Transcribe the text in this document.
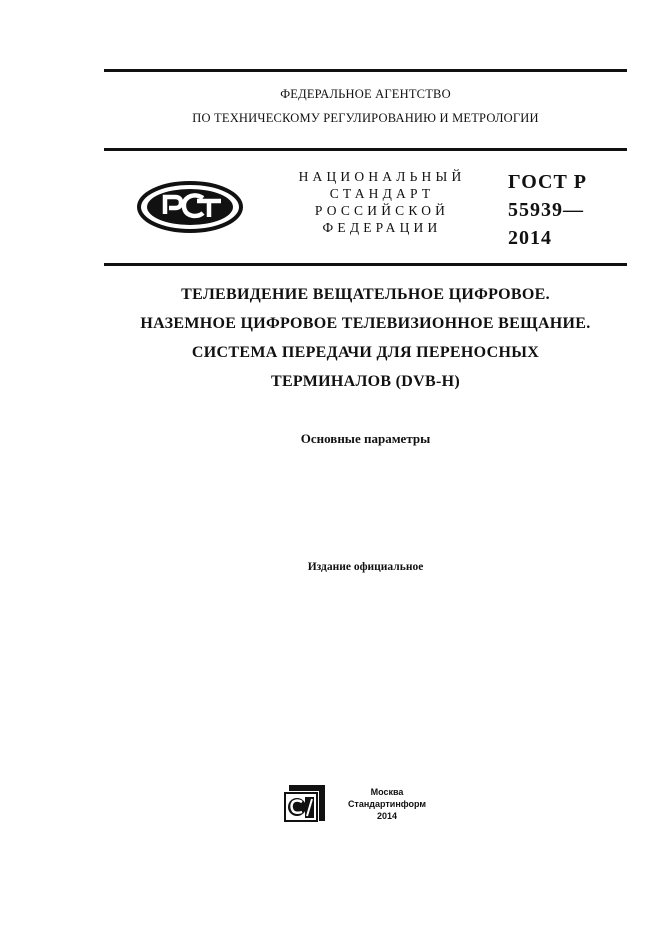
ФЕДЕРАЛЬНОЕ АГЕНТСТВО
ПО ТЕХНИЧЕСКОМУ РЕГУЛИРОВАНИЮ И МЕТРОЛОГИИ
НАЦИОНАЛЬНЫЙ
СТАНДАРТ
РОССИЙСКОЙ
ФЕДЕРАЦИИ
ГОСТ Р
55939—
2014
ТЕЛЕВИДЕНИЕ ВЕЩАТЕЛЬНОЕ ЦИФРОВОЕ.
НАЗЕМНОЕ ЦИФРОВОЕ ТЕЛЕВИЗИОННОЕ ВЕЩАНИЕ.
СИСТЕМА ПЕРЕДАЧИ ДЛЯ ПЕРЕНОСНЫХ
ТЕРМИНАЛОВ (DVB-H)
Основные параметры
Издание официальное
Москва
Стандартинформ
2014
